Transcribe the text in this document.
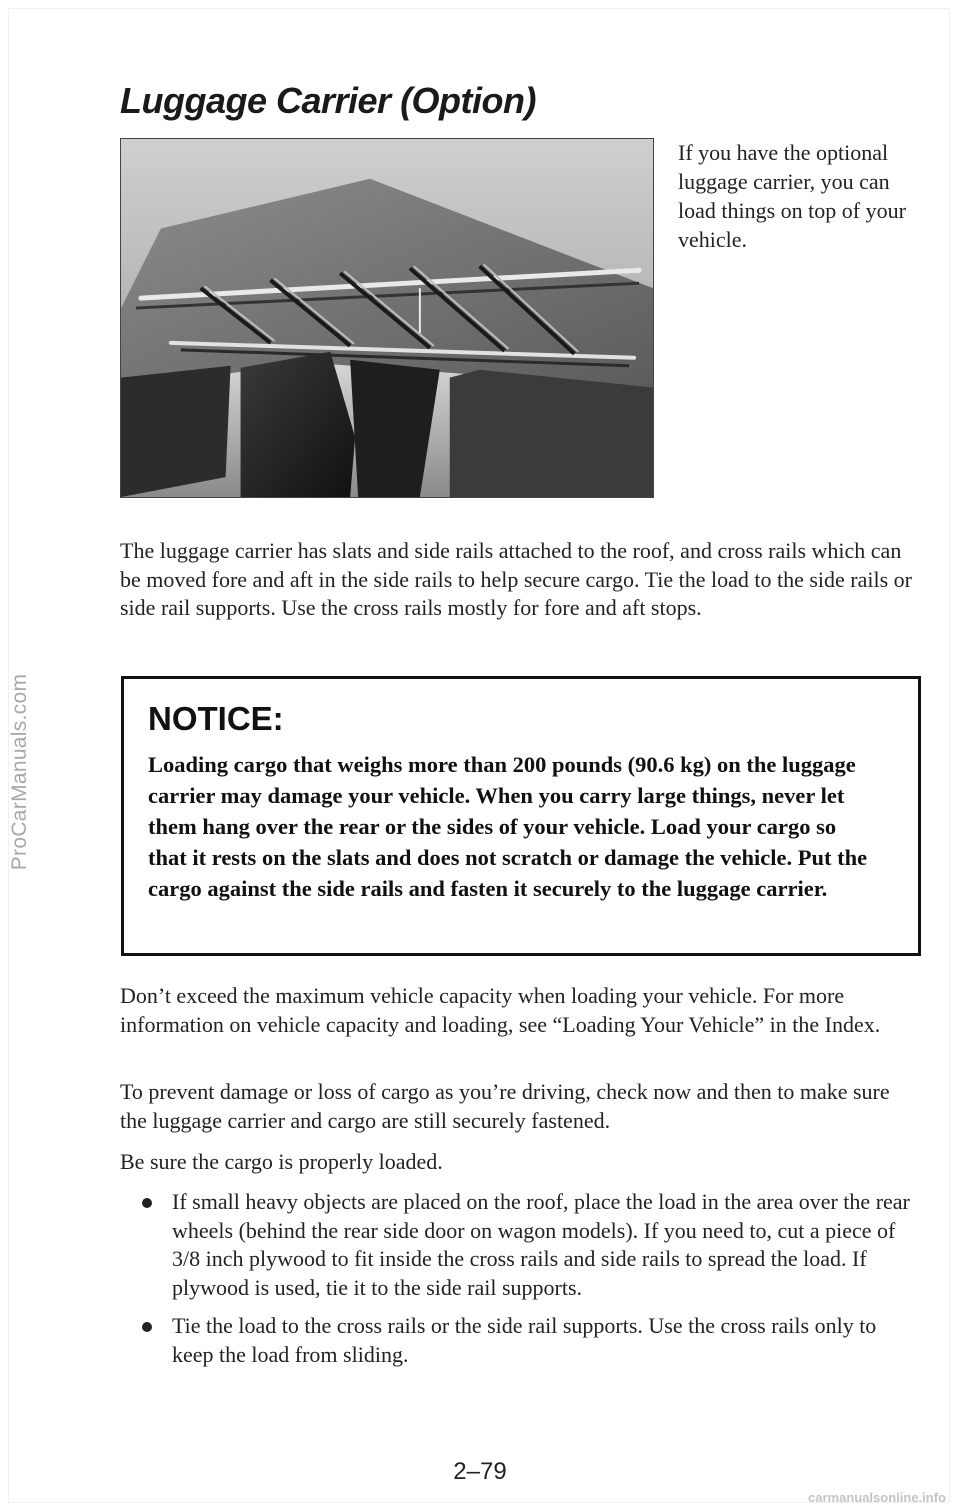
ProCarManuals.com
Luggage Carrier (Option)

If you have the optional luggage carrier, you can load things on top of your vehicle.

The luggage carrier has slats and side rails attached to the roof, and cross rails which can be moved fore and aft in the side rails to help secure cargo. Tie the load to the side rails or side rail supports. Use the cross rails mostly for fore and aft stops.

NOTICE:

Loading cargo that weighs more than 200 pounds (90.6 kg) on the luggage carrier may damage your vehicle. When you carry large things, never let them hang over the rear or the sides of your vehicle. Load your cargo so that it rests on the slats and does not scratch or damage the vehicle. Put the cargo against the side rails and fasten it securely to the luggage carrier.

Don’t exceed the maximum vehicle capacity when loading your vehicle. For more information on vehicle capacity and loading, see “Loading Your Vehicle” in the Index.

To prevent damage or loss of cargo as you’re driving, check now and then to make sure the luggage carrier and cargo are still securely fastened.

Be sure the cargo is properly loaded.

If small heavy objects are placed on the roof, place the load in the area over the rear wheels (behind the rear side door on wagon models). If you need to, cut a piece of 3/8 inch plywood to fit inside the cross rails and side rails to spread the load. If plywood is used, tie it to the side rail supports.
Tie the load to the cross rails or the side rail supports. Use the cross rails only to keep the load from sliding.

2–79

carmanualsonline.info
